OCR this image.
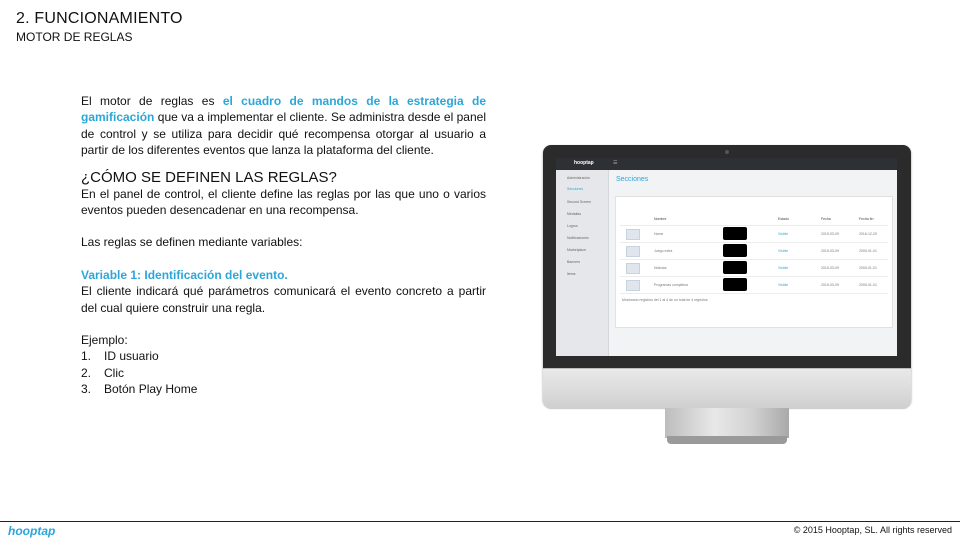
2. FUNCIONAMIENTO
MOTOR DE REGLAS

El motor de reglas es el cuadro de mandos de la estrategia de gamificación que va a implementar el cliente. Se administra desde el panel de control y se utiliza para decidir qué recompensa otorgar al usuario a partir de los diferentes eventos que lanza la plataforma del cliente.

¿CÓMO SE DEFINEN LAS REGLAS?

En el panel de control, el cliente define las reglas por las que uno o varios eventos pueden desencadenar en una recompensa.

Las reglas se definen mediante variables:

Variable 1: Identificación del evento.

El cliente indicará qué parámetros comunicará el evento concreto a partir del cual quiere construir una regla.

Ejemplo:

1. ID usuario
2. Clic
3. Botón Play Home
hooptap	☰
Administración
Secciones
Second Screen
Medallas
Logros
Notificaciones
Marketplace
Banners
Items
Secciones
Nombre	Estado	Fecha	Fecha fin
Home	Visible	2015-03-09	2016-12-29
Juego extra	Visible	2015-03-09	2000-01-01
Noticias	Visible	2015-03-09	2000-01-01
Programas completos	Visible	2015-03-09	2000-01-01
Mostrando registros del 1 al 4 de un total de 4 registros
hooptap	© 2015 Hooptap, SL. All rights reserved
